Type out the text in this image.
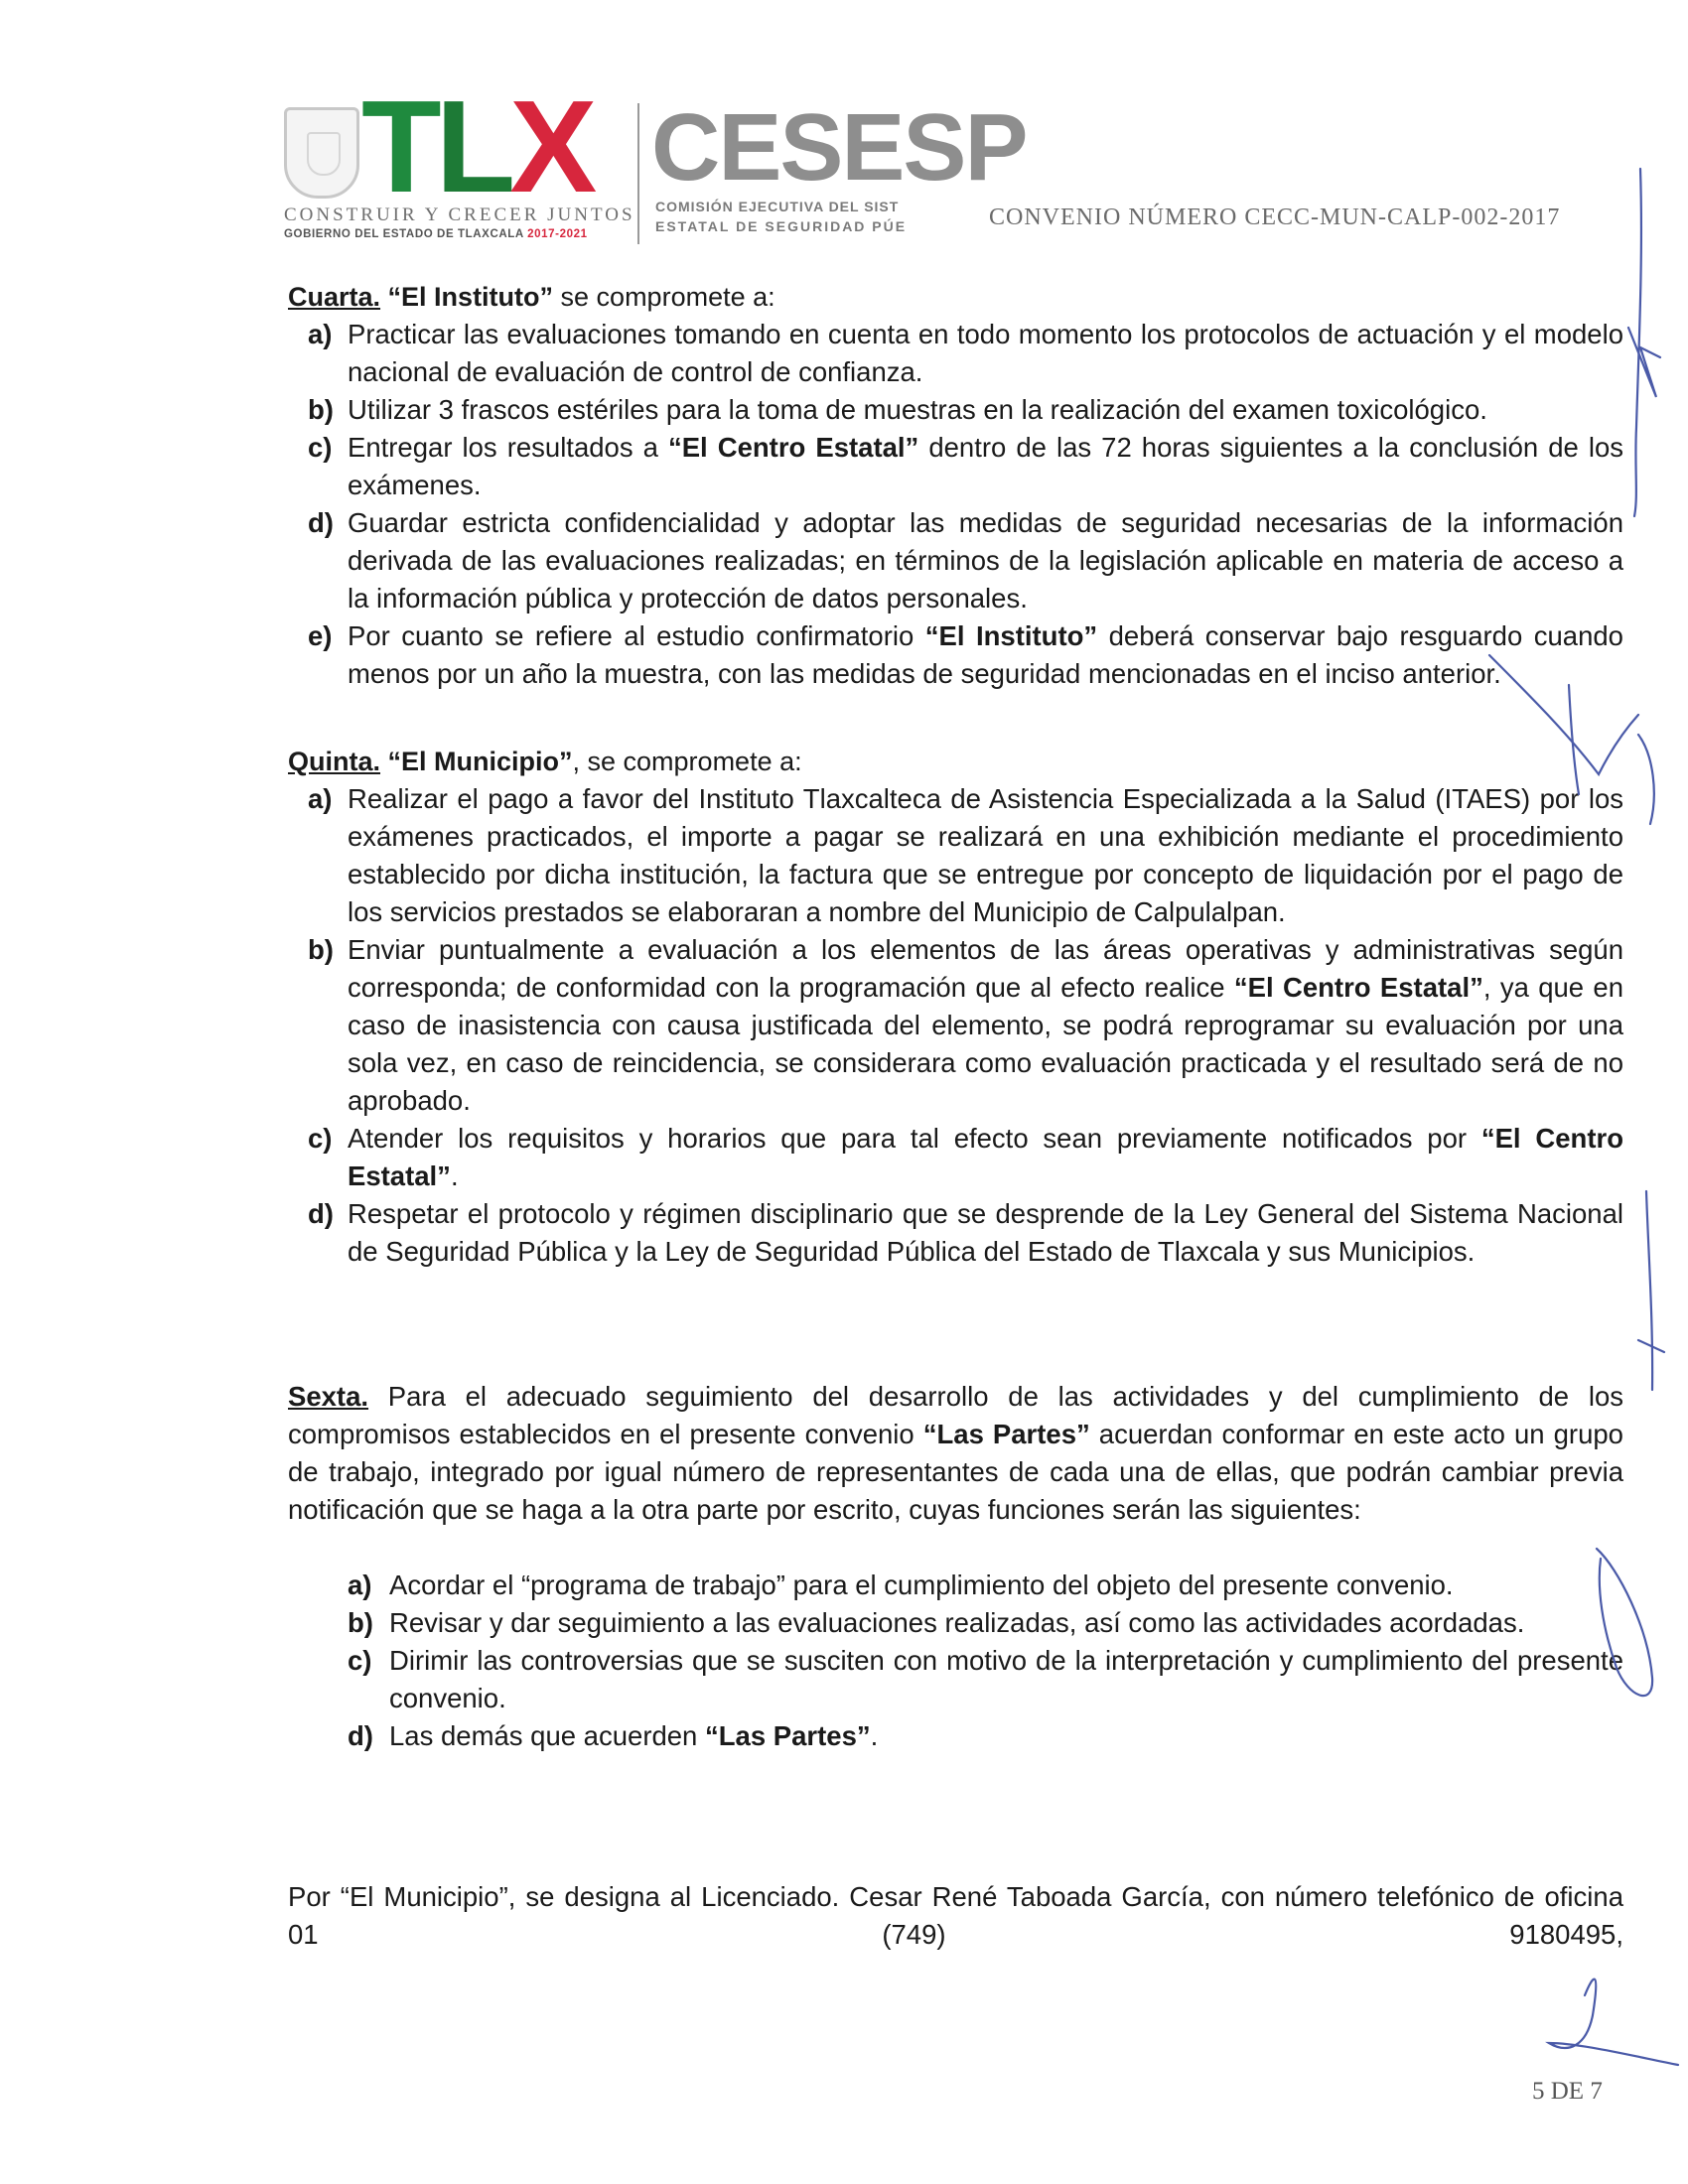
TLX
CONSTRUIR Y CRECER JUNTOS
GOBIERNO DEL ESTADO DE TLAXCALA 2017-2021
CESESP
COMISIÓN EJECUTIVA DEL SIST
ESTATAL DE SEGURIDAD PÚE	CONVENIO NÚMERO CECC-MUN-CALP-002-2017

Cuarta. “El Instituto” se compromete a:

a) Practicar las evaluaciones tomando en cuenta en todo momento los protocolos de actuación y el modelo nacional de evaluación de control de confianza.
b) Utilizar 3 frascos estériles para la toma de muestras en la realización del examen toxicológico.
c) Entregar los resultados a “El Centro Estatal” dentro de las 72 horas siguientes a la conclusión de los exámenes.
d) Guardar estricta confidencialidad y adoptar las medidas de seguridad necesarias de la información derivada de las evaluaciones realizadas; en términos de la legislación aplicable en materia de acceso a la información pública y protección de datos personales.
e) Por cuanto se refiere al estudio confirmatorio “El Instituto” deberá conservar bajo resguardo cuando menos por un año la muestra, con las medidas de seguridad mencionadas en el inciso anterior.

Quinta. “El Municipio”, se compromete a:

a) Realizar el pago a favor del Instituto Tlaxcalteca de Asistencia Especializada a la Salud (ITAES) por los exámenes practicados, el importe a pagar se realizará en una exhibición mediante el procedimiento establecido por dicha institución, la factura que se entregue por concepto de liquidación por el pago de los servicios prestados se elaboraran a nombre del Municipio de Calpulalpan.
b) Enviar puntualmente a evaluación a los elementos de las áreas operativas y administrativas según corresponda; de conformidad con la programación que al efecto realice “El Centro Estatal”, ya que en caso de inasistencia con causa justificada del elemento, se podrá reprogramar su evaluación por una sola vez, en caso de reincidencia, se considerara como evaluación practicada y el resultado será de no aprobado.
c) Atender los requisitos y horarios que para tal efecto sean previamente notificados por “El Centro Estatal”.
d) Respetar el protocolo y régimen disciplinario que se desprende de la Ley General del Sistema Nacional de Seguridad Pública y la Ley de Seguridad Pública del Estado de Tlaxcala y sus Municipios.

Sexta. Para el adecuado seguimiento del desarrollo de las actividades y del cumplimiento de los compromisos establecidos en el presente convenio “Las Partes” acuerdan conformar en este acto un grupo de trabajo, integrado por igual número de representantes de cada una de ellas, que podrán cambiar previa notificación que se haga a la otra parte por escrito, cuyas funciones serán las siguientes:

a) Acordar el “programa de trabajo” para el cumplimiento del objeto del presente convenio.
b) Revisar y dar seguimiento a las evaluaciones realizadas, así como las actividades acordadas.
c) Dirimir las controversias que se susciten con motivo de la interpretación y cumplimiento del presente convenio.
d) Las demás que acuerden “Las Partes”.

Por “El Municipio”, se designa al Licenciado. Cesar René Taboada García, con número telefónico de oficina 01 (749) 9180495,

5 DE 7
